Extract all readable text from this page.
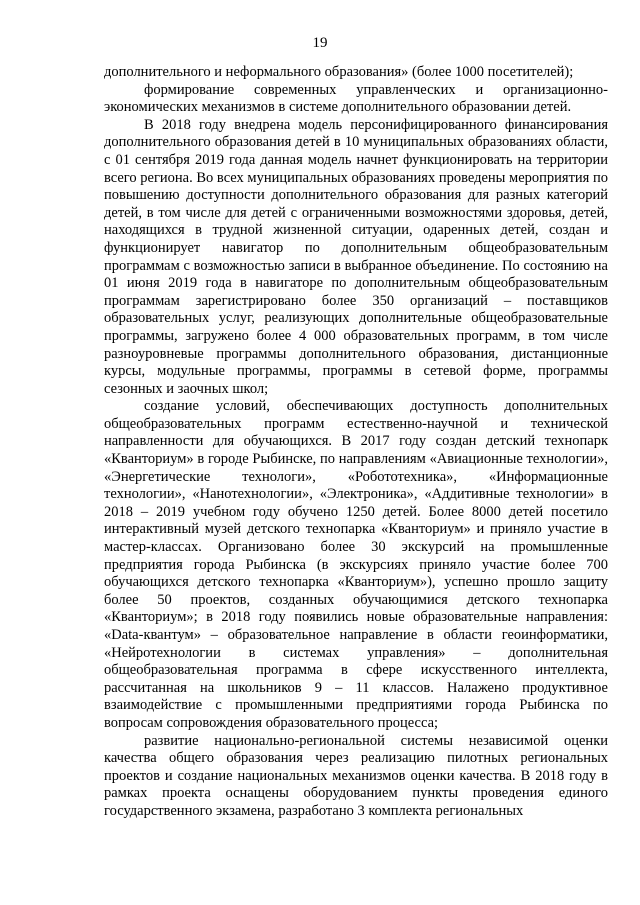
19

дополнительного и неформального образования» (более 1000 посетителей);

формирование современных управленческих и организационно-экономических механизмов в системе дополнительного образовании детей.

В 2018 году внедрена модель персонифицированного финансирования дополнительного образования детей в 10 муниципальных образованиях области, с 01 сентября 2019 года данная модель начнет функционировать на территории всего региона. Во всех муниципальных образованиях проведены мероприятия по повышению доступности дополнительного образования для разных категорий детей, в том числе для детей с ограниченными возможностями здоровья, детей, находящихся в трудной жизненной ситуации, одаренных детей, создан и функционирует навигатор по дополнительным общеобразовательным программам с возможностью записи в выбранное объединение. По состоянию на 01 июня 2019 года в навигаторе по дополнительным общеобразовательным программам зарегистрировано более 350 организаций – поставщиков образовательных услуг, реализующих дополнительные общеобразовательные программы, загружено более 4 000 образовательных программ, в том числе разноуровневые программы дополнительного образования, дистанционные курсы, модульные программы, программы в сетевой форме, программы сезонных и заочных школ;

создание условий, обеспечивающих доступность дополнительных общеобразовательных программ естественно-научной и технической направленности для обучающихся. В 2017 году создан детский технопарк «Кванториум» в городе Рыбинске, по направлениям «Авиационные технологии», «Энергетические технологи», «Робототехника», «Информационные технологии», «Нанотехнологии», «Электроника», «Аддитивные технологии» в 2018 – 2019 учебном году обучено 1250 детей. Более 8000 детей посетило интерактивный музей детского технопарка «Кванториум» и приняло участие в мастер-классах. Организовано более 30 экскурсий на промышленные предприятия города Рыбинска (в экскурсиях приняло участие более 700 обучающихся детского технопарка «Кванториум»), успешно прошло защиту более 50 проектов, созданных обучающимися детского технопарка «Кванториум»; в 2018 году появились новые образовательные направления: «Data-квантум» – образовательное направление в области геоинформатики, «Нейротехнологии в системах управления» – дополнительная общеобразовательная программа в сфере искусственного интеллекта, рассчитанная на школьников 9 – 11 классов. Налажено продуктивное взаимодействие с промышленными предприятиями города Рыбинска по вопросам сопровождения образовательного процесса;

развитие национально-региональной системы независимой оценки качества общего образования через реализацию пилотных региональных проектов и создание национальных механизмов оценки качества. В 2018 году в рамках проекта оснащены оборудованием пункты проведения единого государственного экзамена, разработано 3 комплекта региональных
